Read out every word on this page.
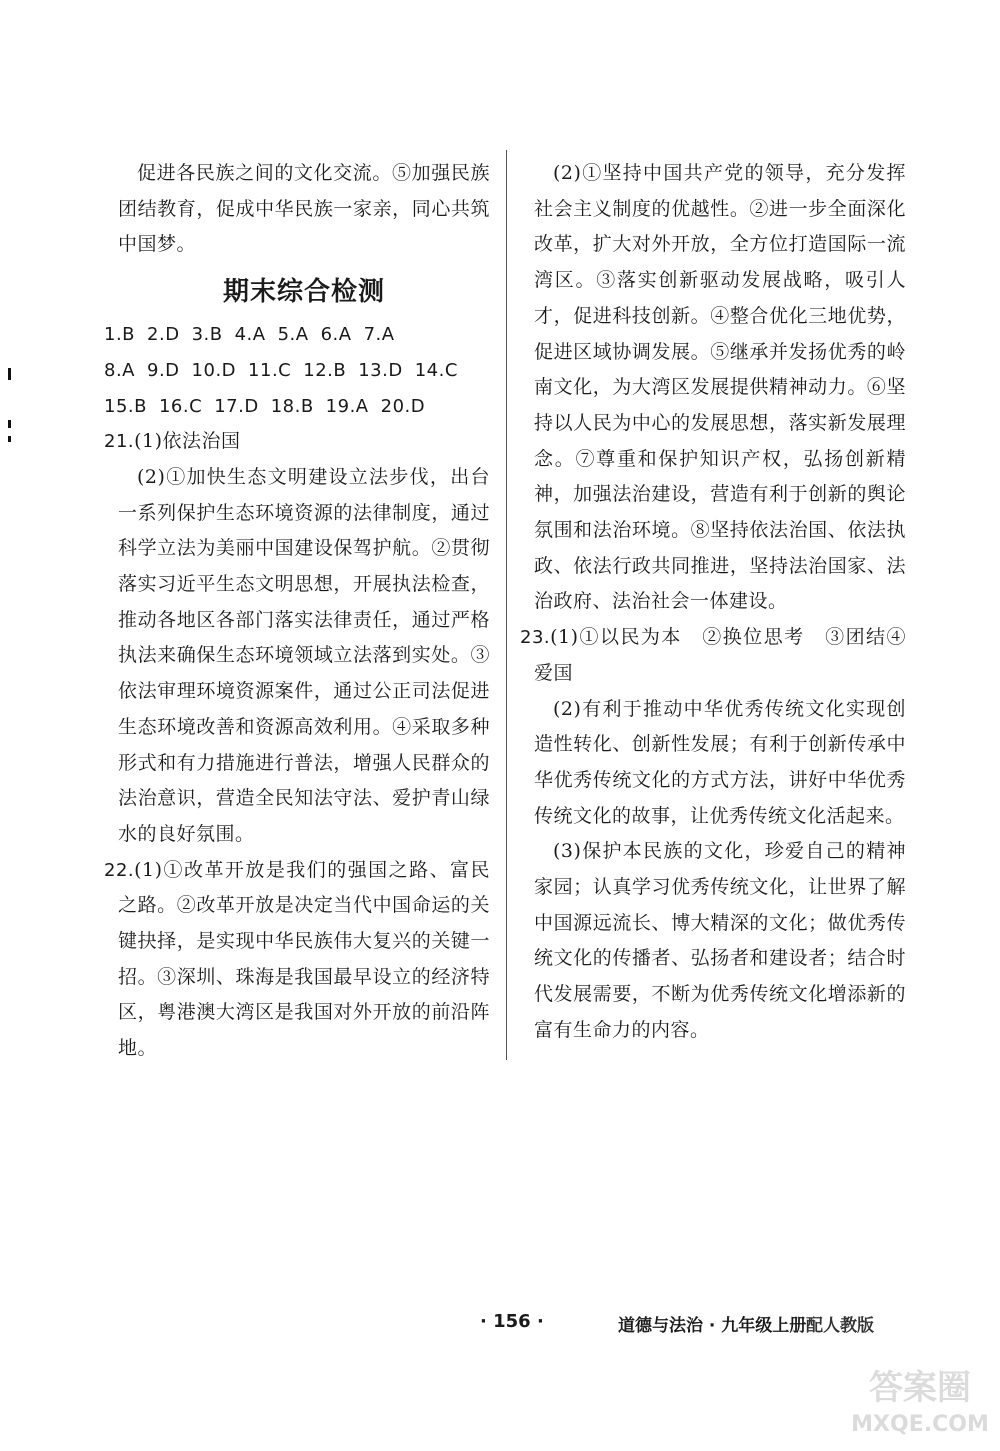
促进各民族之间的文化交流。⑤加强民族团结教育，促成中华民族一家亲，同心共筑中国梦。

期末综合检测

1.B 2.D 3.B 4.A 5.A 6.A 7.A

8.A 9.D 10.D 11.C 12.B 13.D 14.C

15.B 16.C 17.D 18.B 19.A 20.D

21.(1)依法治国

(2)①加快生态文明建设立法步伐，出台一系列保护生态环境资源的法律制度，通过科学立法为美丽中国建设保驾护航。②贯彻落实习近平生态文明思想，开展执法检查，推动各地区各部门落实法律责任，通过严格执法来确保生态环境领域立法落到实处。③依法审理环境资源案件，通过公正司法促进生态环境改善和资源高效利用。④采取多种形式和有力措施进行普法，增强人民群众的法治意识，营造全民知法守法、爱护青山绿水的良好氛围。

22.(1)①改革开放是我们的强国之路、富民之路。②改革开放是决定当代中国命运的关键抉择，是实现中华民族伟大复兴的关键一招。③深圳、珠海是我国最早设立的经济特区，粤港澳大湾区是我国对外开放的前沿阵地。

(2)①坚持中国共产党的领导，充分发挥社会主义制度的优越性。②进一步全面深化改革，扩大对外开放，全方位打造国际一流湾区。③落实创新驱动发展战略，吸引人才，促进科技创新。④整合优化三地优势，促进区域协调发展。⑤继承并发扬优秀的岭南文化，为大湾区发展提供精神动力。⑥坚持以人民为中心的发展思想，落实新发展理念。⑦尊重和保护知识产权，弘扬创新精神，加强法治建设，营造有利于创新的舆论氛围和法治环境。⑧坚持依法治国、依法执政、依法行政共同推进，坚持法治国家、法治政府、法治社会一体建设。

23.(1)①以民为本　②换位思考　③团结④爱国

(2)有利于推动中华优秀传统文化实现创造性转化、创新性发展；有利于创新传承中华优秀传统文化的方式方法，讲好中华优秀传统文化的故事，让优秀传统文化活起来。

(3)保护本民族的文化，珍爱自己的精神家园；认真学习优秀传统文化，让世界了解中国源远流长、博大精深的文化；做优秀传统文化的传播者、弘扬者和建设者；结合时代发展需要，不断为优秀传统文化增添新的富有生命力的内容。

· 156 ·	道德与法治 · 九年级上册 配人教版
答案圈
MXQE.COM
